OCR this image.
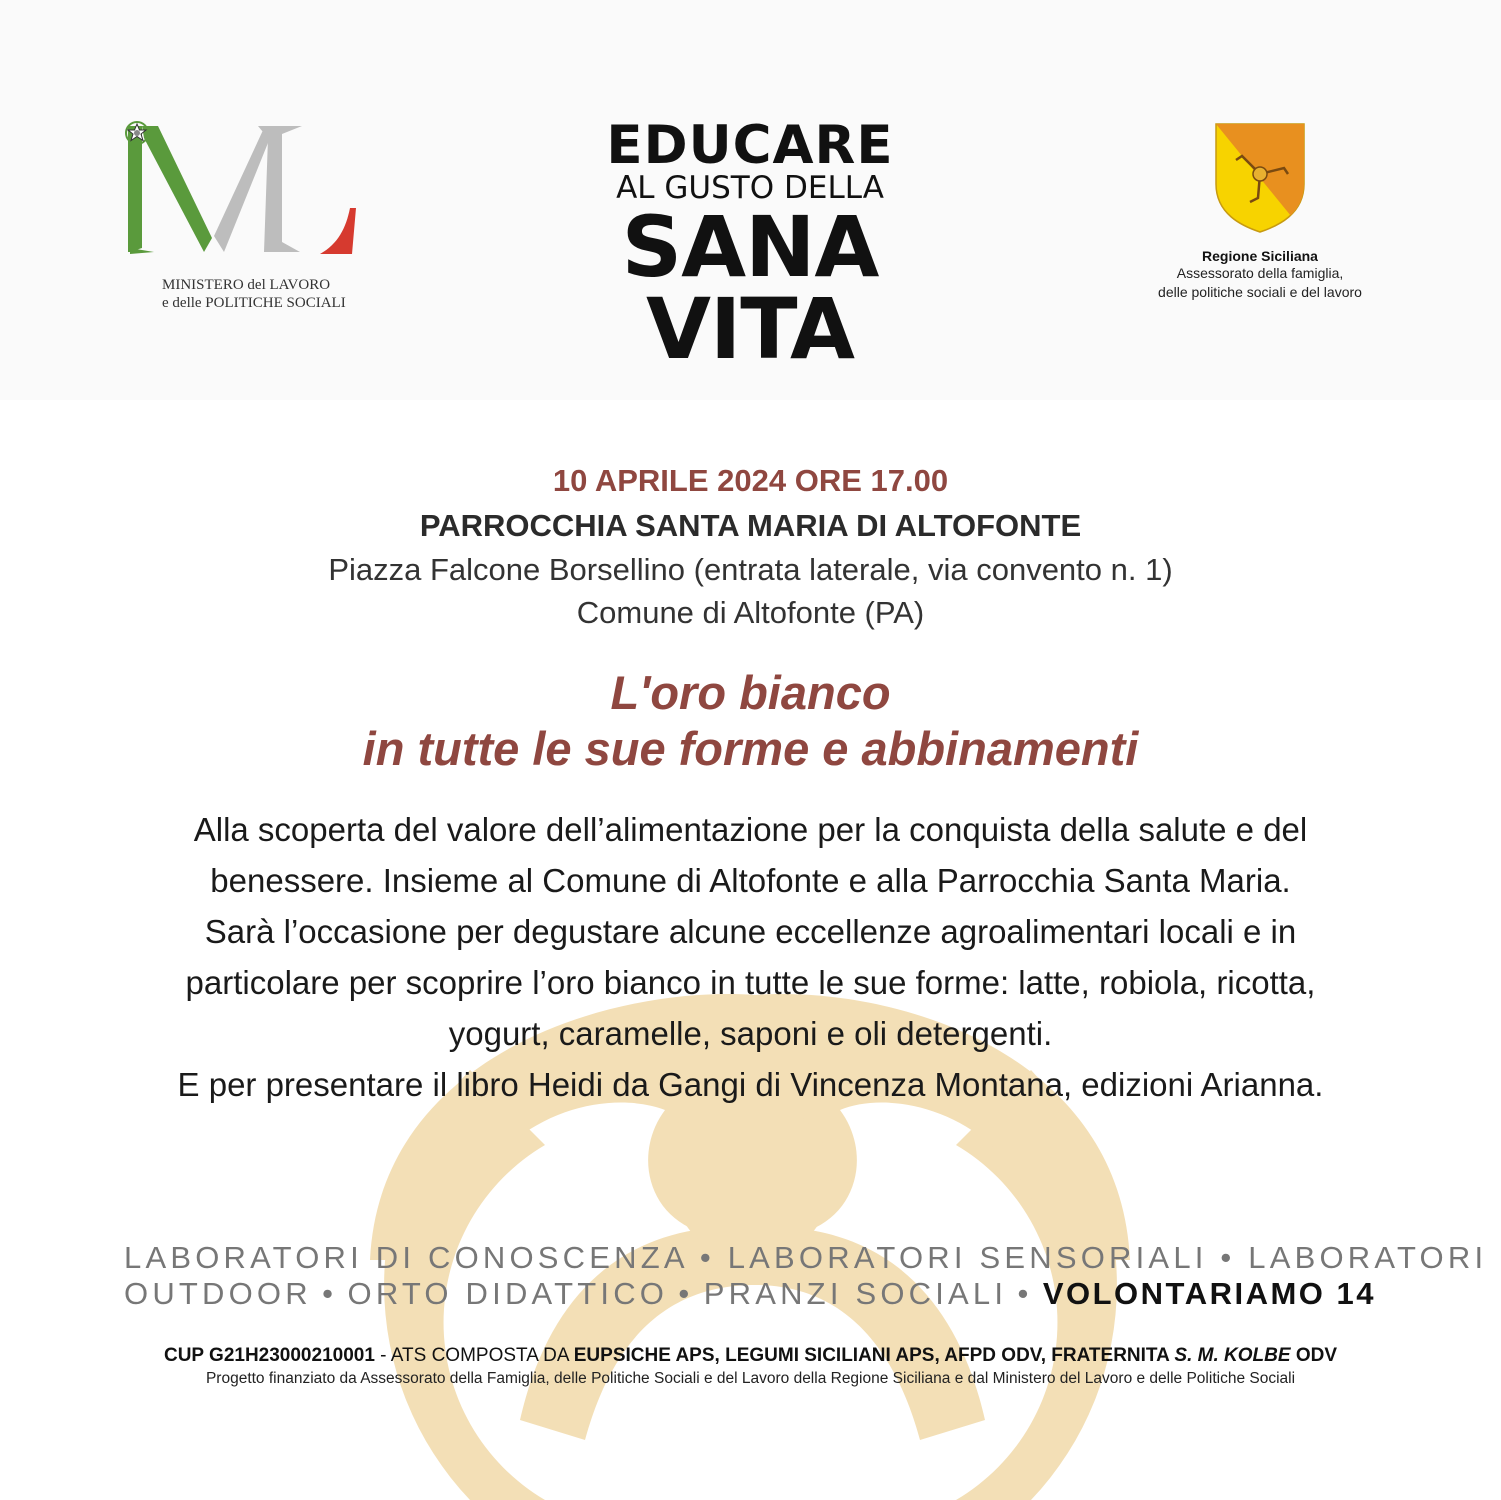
MINISTERO del LAVORO
e delle POLITICHE SOCIALI
EDUCARE
AL GUSTO DELLA
SANA
VITA
Regione Siciliana
Assessorato della famiglia,
delle politiche sociali e del lavoro
10 APRILE 2024 ORE 17.00
PARROCCHIA SANTA MARIA DI ALTOFONTE
Piazza Falcone Borsellino (entrata laterale, via convento n. 1)
Comune di Altofonte (PA)
L'oro bianco
in tutte le sue forme e abbinamenti

Alla scoperta del valore dell’alimentazione per la conquista della salute e del

benessere. Insieme al Comune di Altofonte e alla Parrocchia Santa Maria.

Sarà l’occasione per degustare alcune eccellenze agroalimentari locali e in

particolare per scoprire l’oro bianco in tutte le sue forme: latte, robiola, ricotta,

yogurt, caramelle, saponi e oli detergenti.

E per presentare il libro Heidi da Gangi di Vincenza Montana, edizioni Arianna.

LABORATORI DI CONOSCENZA • LABORATORI SENSORIALI • LABORATORI
OUTDOOR • ORTO DIDATTICO • PRANZI SOCIALI • VOLONTARIAMO 14
CUP G21H23000210001 - ATS COMPOSTA DA EUPSICHE APS, LEGUMI SICILIANI APS, AFPD ODV, FRATERNITA S. M. KOLBE ODV
Progetto finanziato da Assessorato della Famiglia, delle Politiche Sociali e del Lavoro della Regione Siciliana e dal Ministero del Lavoro e delle Politiche Sociali
